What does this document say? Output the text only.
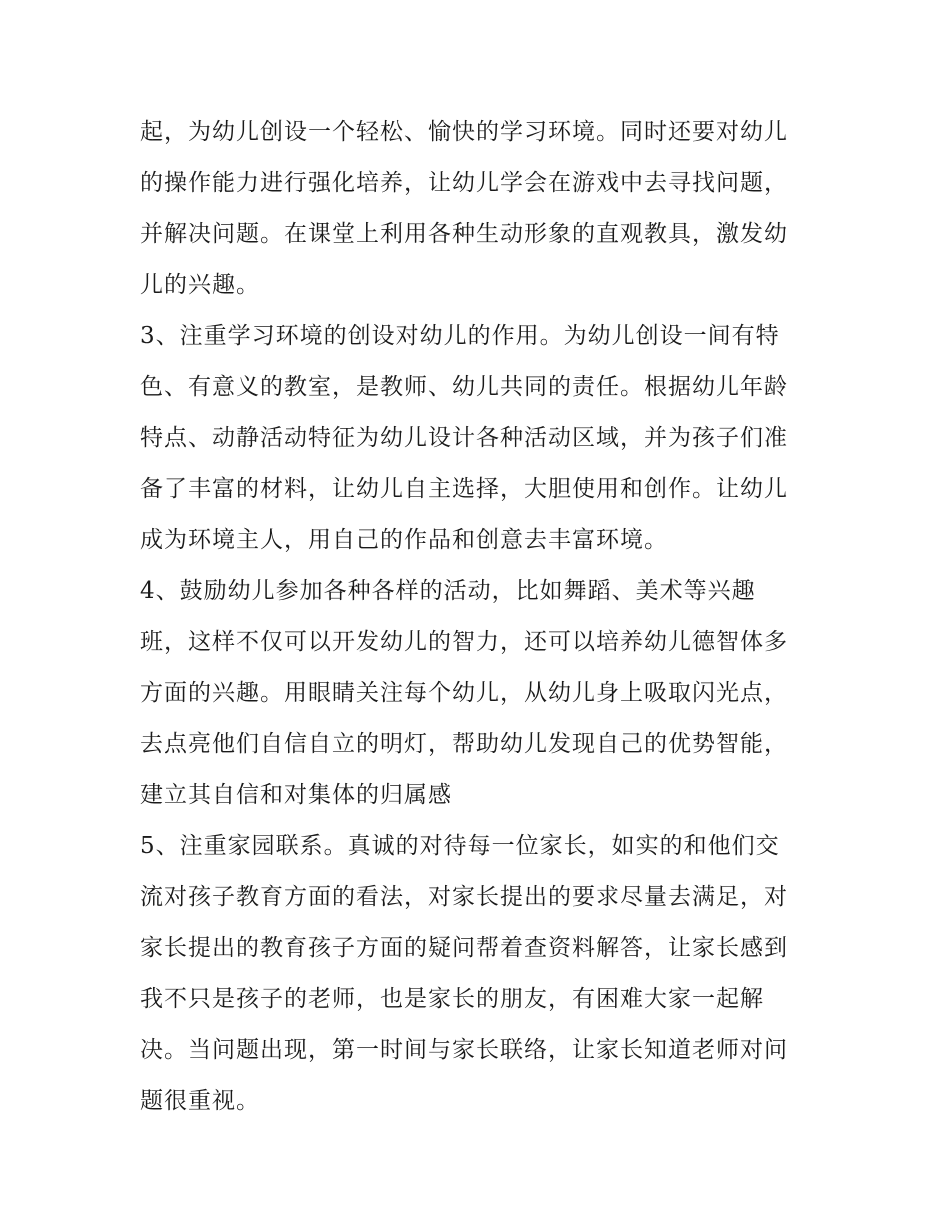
起，为幼儿创设一个轻松、愉快的学习环境。同时还要对幼儿
的操作能力进行强化培养，让幼儿学会在游戏中去寻找问题，
并解决问题。在课堂上利用各种生动形象的直观教具，激发幼
儿的兴趣。
3、注重学习环境的创设对幼儿的作用。为幼儿创设一间有特
色、有意义的教室，是教师、幼儿共同的责任。根据幼儿年龄
特点、动静活动特征为幼儿设计各种活动区域，并为孩子们准
备了丰富的材料，让幼儿自主选择，大胆使用和创作。让幼儿
成为环境主人，用自己的作品和创意去丰富环境。
4、鼓励幼儿参加各种各样的活动，比如舞蹈、美术等兴趣
班，这样不仅可以开发幼儿的智力，还可以培养幼儿德智体多
方面的兴趣。用眼睛关注每个幼儿，从幼儿身上吸取闪光点，
去点亮他们自信自立的明灯，帮助幼儿发现自己的优势智能，
建立其自信和对集体的归属感
5、注重家园联系。真诚的对待每一位家长，如实的和他们交
流对孩子教育方面的看法，对家长提出的要求尽量去满足，对
家长提出的教育孩子方面的疑问帮着查资料解答，让家长感到
我不只是孩子的老师，也是家长的朋友，有困难大家一起解
决。当问题出现，第一时间与家长联络，让家长知道老师对问
题很重视。
